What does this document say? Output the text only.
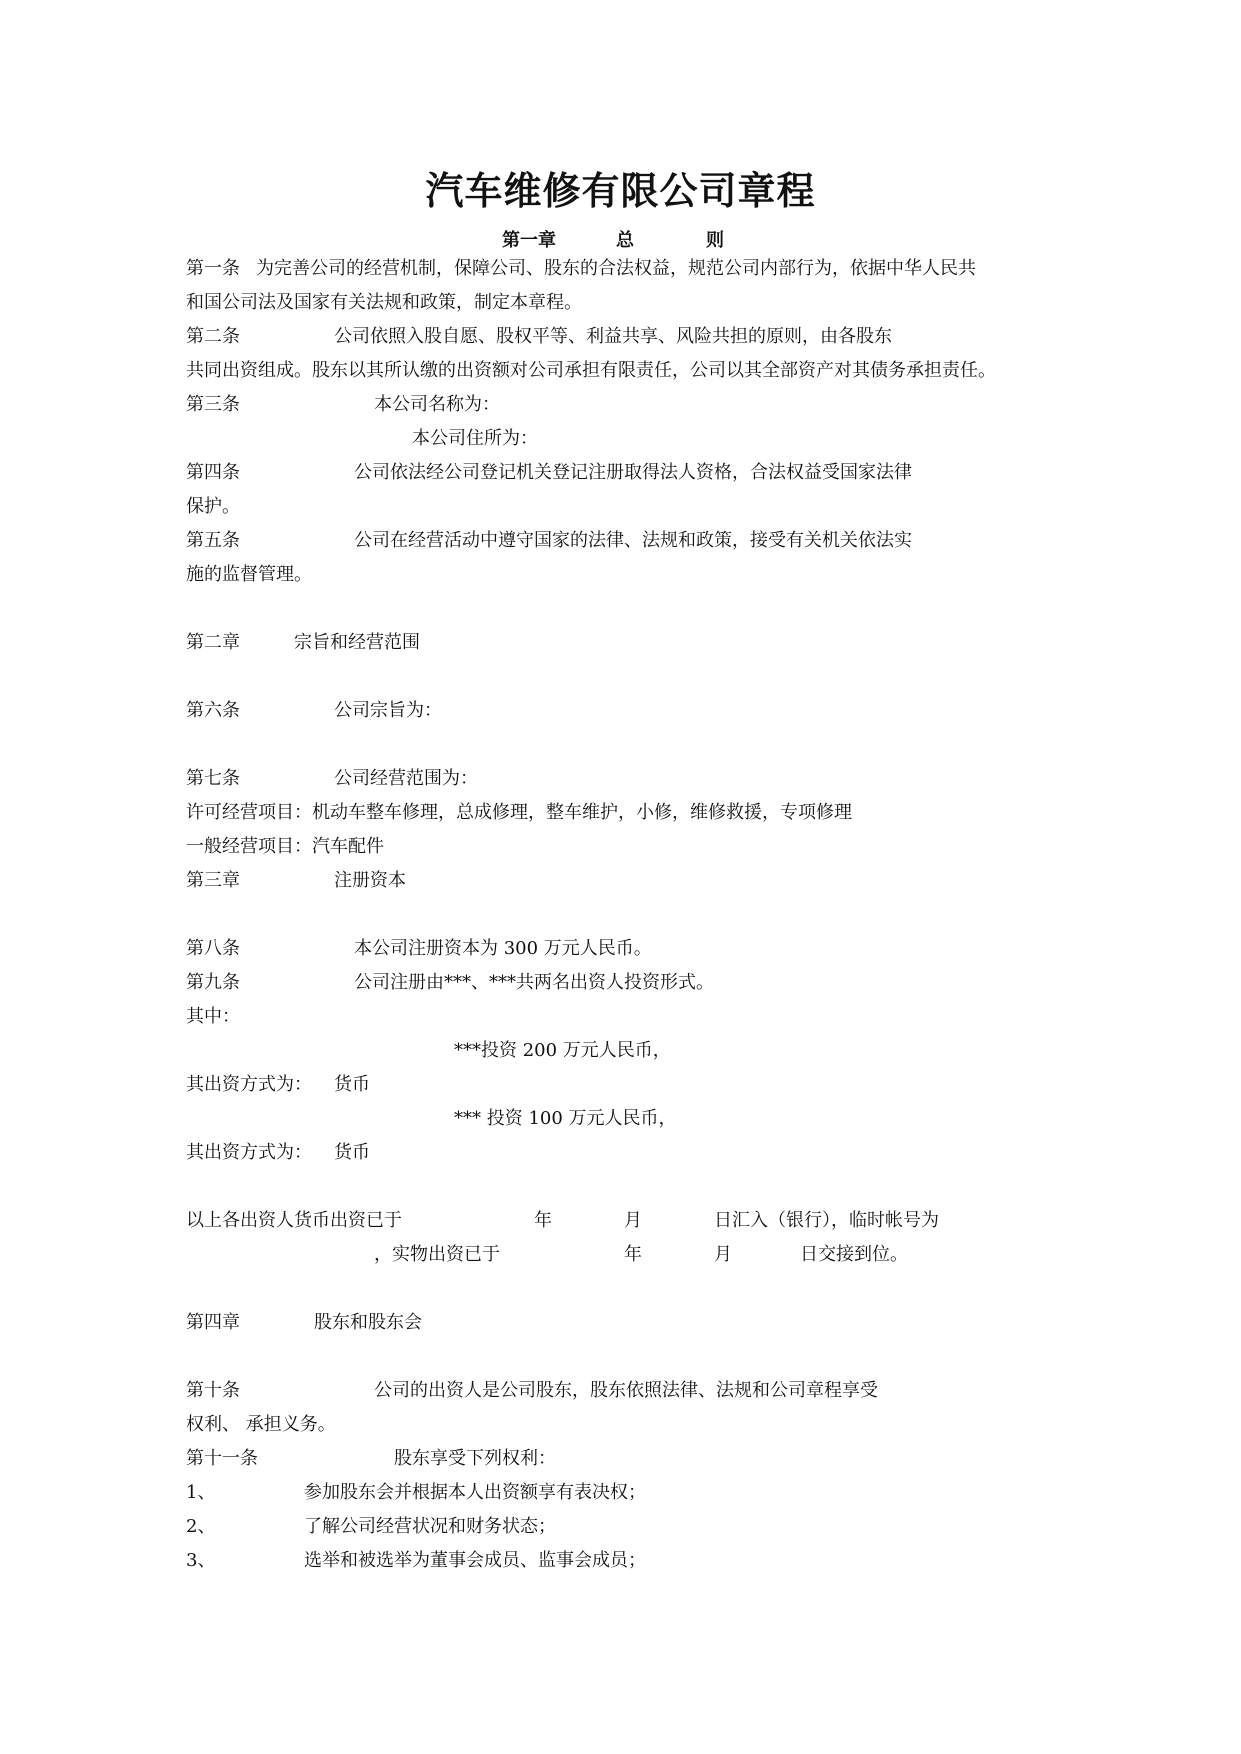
汽车维修有限公司章程
第一章	总	则
第一条 为完善公司的经营机制，保障公司、股东的合法权益，规范公司内部行为，依据中华人民共
和国公司法及国家有关法规和政策，制定本章程。
第二条	公司依照入股自愿、股权平等、利益共享、风险共担的原则，由各股东
共同出资组成。股东以其所认缴的出资额对公司承担有限责任，公司以其全部资产对其债务承担责任。
第三条	本公司名称为：
本公司住所为：
第四条	公司依法经公司登记机关登记注册取得法人资格，合法权益受国家法律
保护。
第五条	公司在经营活动中遵守国家的法律、法规和政策，接受有关机关依法实
施的监督管理。
第二章	宗旨和经营范围
第六条	公司宗旨为：
第七条	公司经营范围为：
许可经营项目：机动车整车修理，总成修理，整车维护，小修，维修救援，专项修理
一般经营项目：汽车配件
第三章	注册资本
第八条	本公司注册资本为 300 万元人民币。
第九条	公司注册由***、***共两名出资人投资形式。
其中：
***投资 200 万元人民币，
其出资方式为： 货币
*** 投资 100 万元人民币，
其出资方式为： 货币
以上各出资人货币出资已于	年	月	日汇入（银行），临时帐号为
，实物出资已于	年	月	日交接到位。
第四章	股东和股东会
第十条	公司的出资人是公司股东，股东依照法律、法规和公司章程享受
权利、 承担义务。
第十一条	股东享受下列权利：
1、	参加股东会并根据本人出资额享有表决权；
2、	了解公司经营状况和财务状态；
3、	选举和被选举为董事会成员、监事会成员；
